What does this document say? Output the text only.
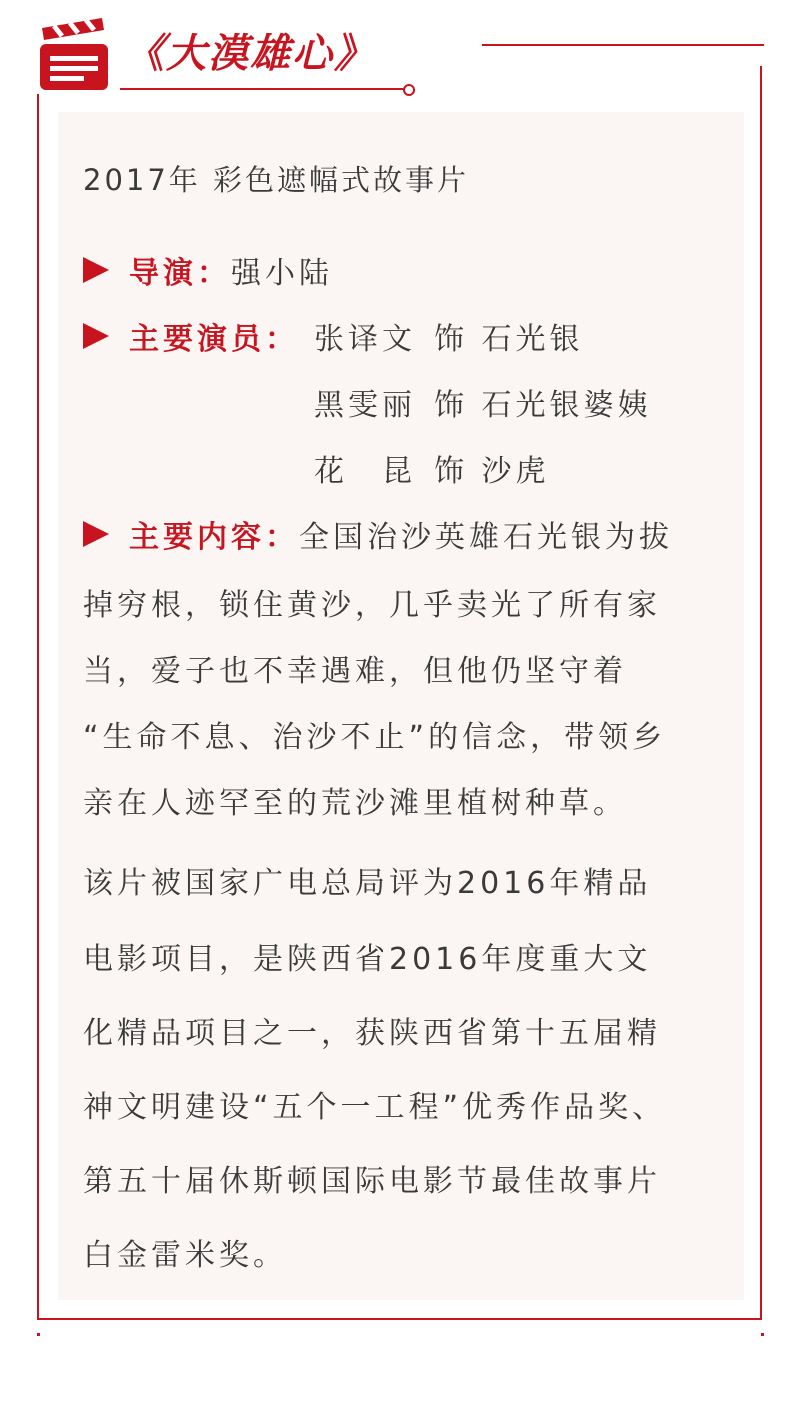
《大漠雄心》
2017年 彩色遮幅式故事片
导演： 强小陆
主要演员： 张译文 饰 石光银
黑雯丽 饰 石光银婆姨
花　昆 饰 沙虎
主要内容： 全国治沙英雄石光银为拔
掉穷根，锁住黄沙，几乎卖光了所有家
当，爱子也不幸遇难，但他仍坚守着
“生命不息、治沙不止”的信念，带领乡
亲在人迹罕至的荒沙滩里植树种草。
该片被国家广电总局评为2016年精品
电影项目，是陕西省2016年度重大文
化精品项目之一，获陕西省第十五届精
神文明建设“五个一工程”优秀作品奖、
第五十届休斯顿国际电影节最佳故事片
白金雷米奖。
